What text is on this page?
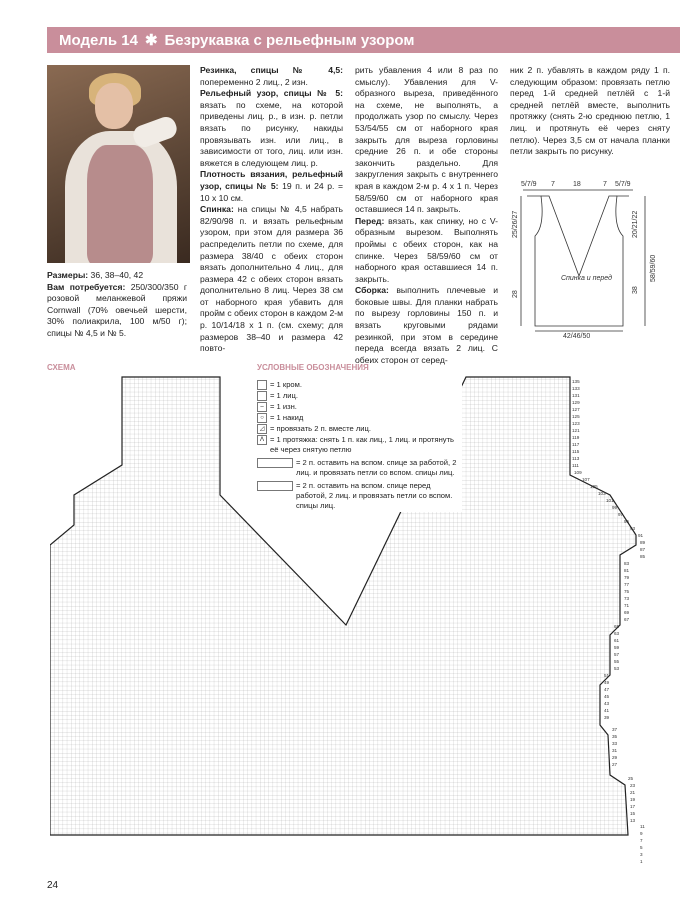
Модель 14 ✱ Безрукавка с рельефным узором

Размеры: 36, 38–40, 42

Вам потребуется: 250/300/350 г розовой меланжевой пряжи Cornwall (70% овечьей шерсти, 30% полиакрила, 100 м/50 г); спицы № 4,5 и № 5.

Резинка, спицы № 4,5: попеременно 2 лиц., 2 изн.

Рельефный узор, спицы № 5: вязать по схеме, на которой приведены лиц. р., в изн. р. петли вязать по рисунку, накиды провязывать изн. или лиц., в зависимости от того, лиц. или изн. вяжется в следующем лиц. р.

Плотность вязания, рельефный узор, спицы № 5: 19 п. и 24 р. = 10 х 10 см.

Спинка: на спицы № 4,5 набрать 82/90/98 п. и вязать рельефным узором, при этом для размера 36 распределить петли по схеме, для размера 38/40 с обеих сторон вязать дополнительно 4 лиц., для размера 42 с обеих сторон вязать дополнительно 8 лиц. Через 38 см от наборного края убавить для пройм с обеих сторон в каждом 2-м р. 10/14/18 х 1 п. (см. схему; для размеров 38–40 и размера 42 повто-

рить убавления 4 или 8 раз по смыслу). Убавления для V-образного выреза, приведённого на схеме, не выполнять, а продолжать узор по смыслу. Через 53/54/55 см от наборного края закрыть для выреза горловины средние 26 п. и обе стороны закончить раздельно. Для закругления закрыть с внутреннего края в каждом 2-м р. 4 х 1 п. Через 58/59/60 см от наборного края оставшиеся 14 п. закрыть.

Перед: вязать, как спинку, но с V-образным вырезом. Выполнять проймы с обеих сторон, как на спинке. Через 58/59/60 см от наборного края оставшиеся 14 п. закрыть.

Сборка: выполнить плечевые и боковые швы. Для планки набрать по вырезу горловины 150 п. и вязать круговыми рядами резинкой, при этом в середине переда всегда вязать 2 лиц. С обеих сторон от серед-

ник 2 п. убавлять в каждом ряду 1 п. следующим образом: провязать петлю перед 1-й средней петлёй с 1-й средней петлёй вместе, выполнить протяжку (снять 2-ю среднюю петлю, 1 лиц. и протянуть её через сняту петлю). Через 3,5 см от начала планки петли закрыть по рисунку.

5/7/9 7	18	7 5/7/9
20/21/22
58/59/60
38
25/26/27
28
42/46/50
Спинка и перед
СХЕМА	УСЛОВНЫЕ ОБОЗНАЧЕНИЯ
135
133
131
129
127
125
123
121
119
117
115
113
111
109
107
105
103
101
99
97
95
93
91
89
87
85
83
81
79
77
75
73
71
69
67
65
63
61
59
57
55
53
51
49
47
45
43
41
39
37
35
33
31
29
27
25
23
21
19
17
15
13
11
9
7
5
3
1
= 1 кром.
= 1 лиц.
– = 1 изн.
○ = 1 накид
◿ = провязать 2 п. вместе лиц.
Λ = 1 протяжка: снять 1 п. как лиц., 1 лиц. и протянуть её через снятую петлю
= 2 п. оставить на вспом. спице за работой, 2 лиц. и провязать петли со вспом. спицы лиц.
= 2 п. оставить на вспом. спице перед работой, 2 лиц. и провязать петли со вспом. спицы лиц.
24
